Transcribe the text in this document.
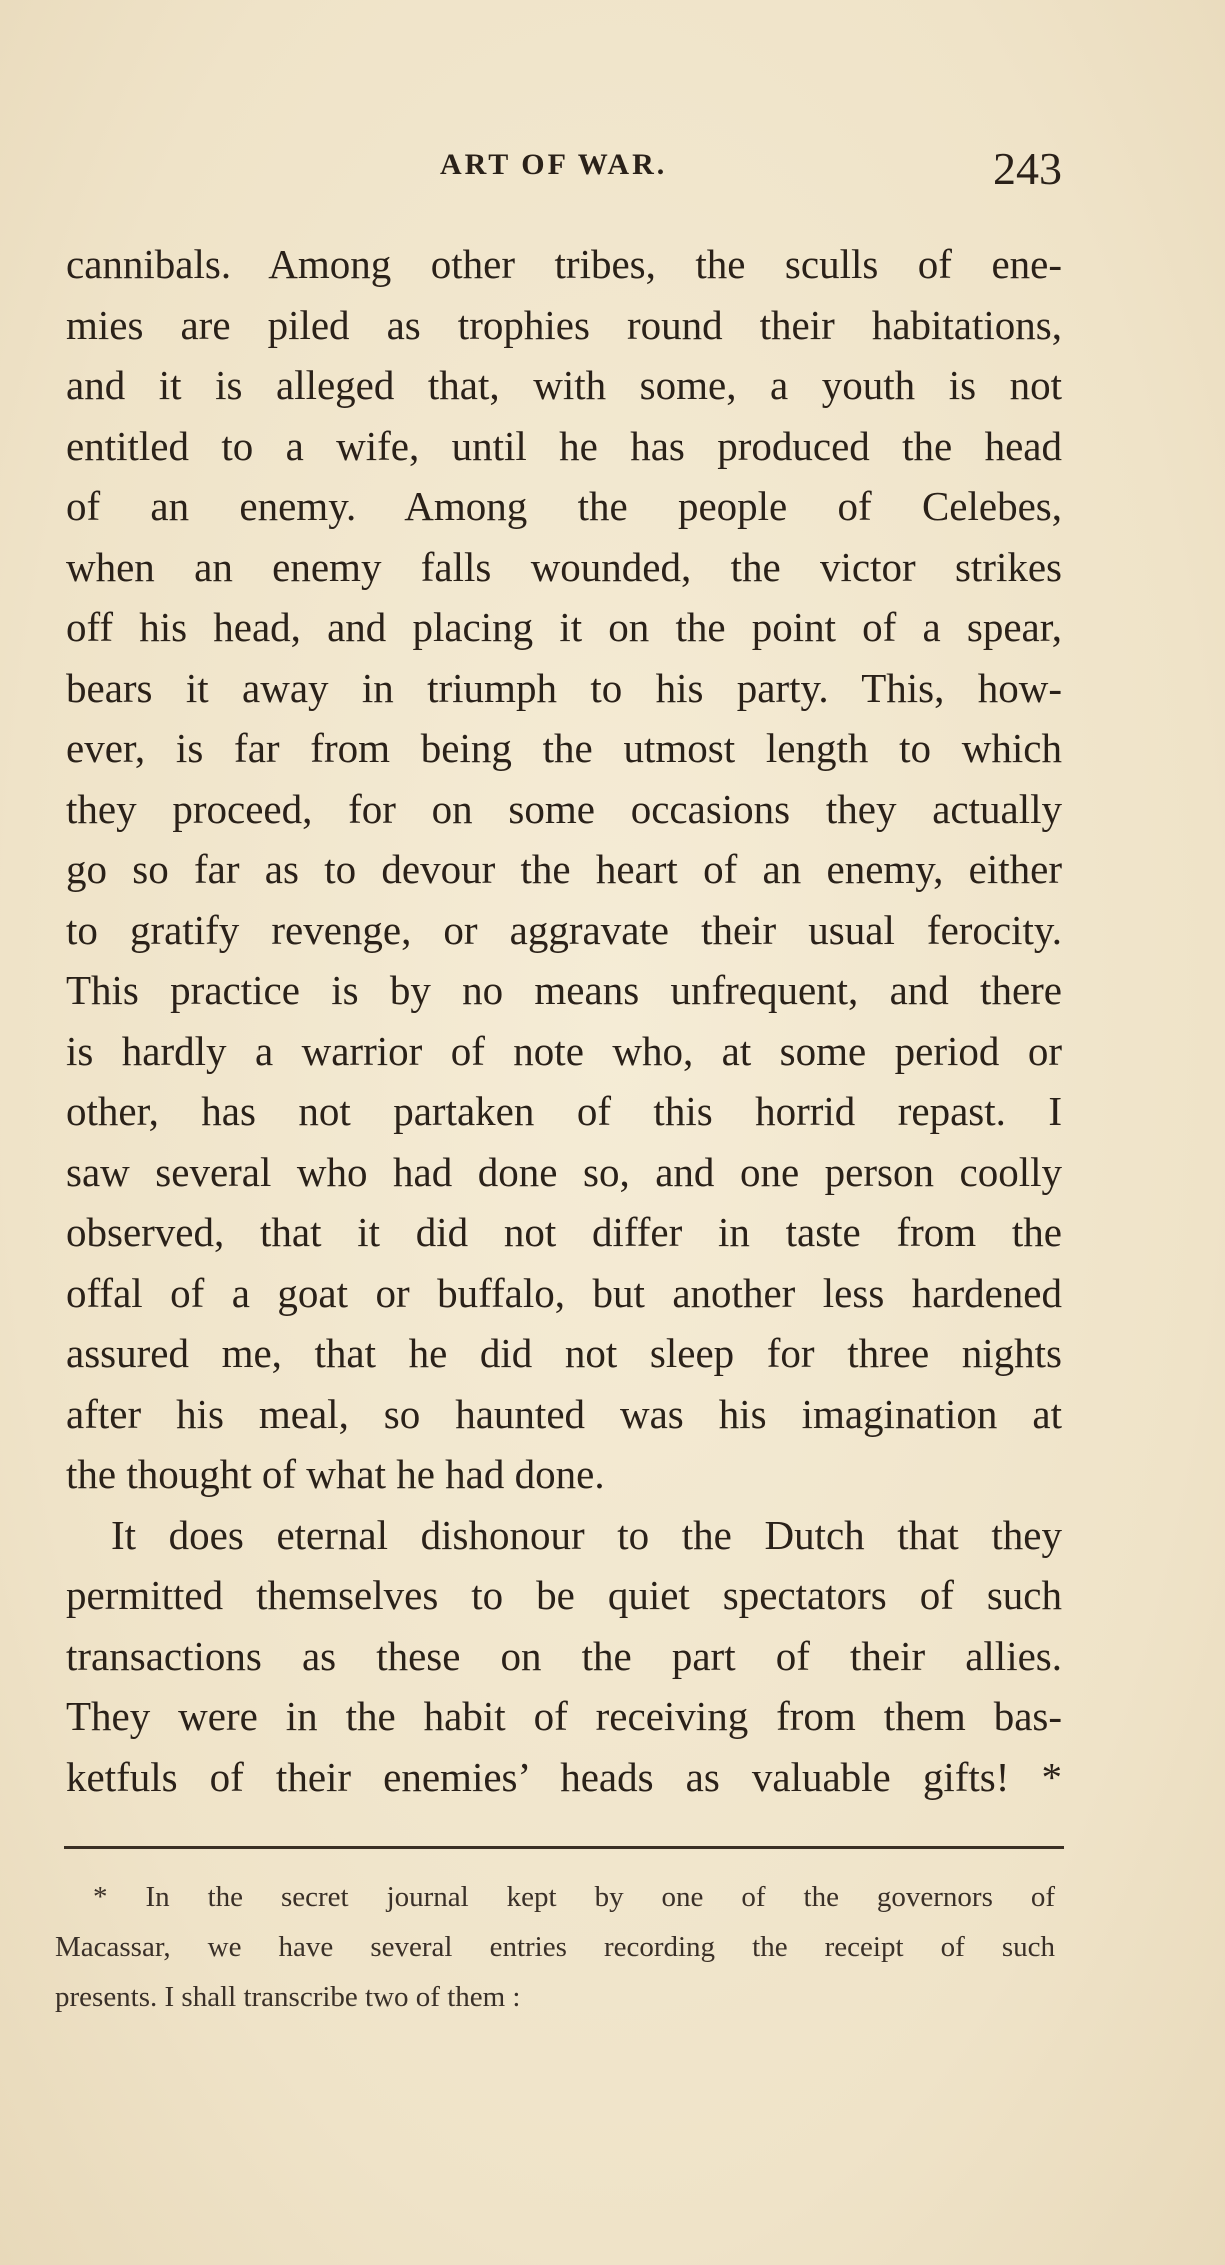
ART OF WAR.	243
cannibals. Among other tribes, the sculls of ene-
mies are piled as trophies round their habitations,
and it is alleged that, with some, a youth is not
entitled to a wife, until he has produced the head
of an enemy. Among the people of Celebes,
when an enemy falls wounded, the victor strikes
off his head, and placing it on the point of a spear,
bears it away in triumph to his party. This, how-
ever, is far from being the utmost length to which
they proceed, for on some occasions they actually
go so far as to devour the heart of an enemy, either
to gratify revenge, or aggravate their usual ferocity.
This practice is by no means unfrequent, and there
is hardly a warrior of note who, at some period or
other, has not partaken of this horrid repast. I
saw several who had done so, and one person coolly
observed, that it did not differ in taste from the
offal of a goat or buffalo, but another less hardened
assured me, that he did not sleep for three nights
after his meal, so haunted was his imagination at
the thought of what he had done.
It does eternal dishonour to the Dutch that they
permitted themselves to be quiet spectators of such
transactions as these on the part of their allies.
They were in the habit of receiving from them bas-
ketfuls of their enemies’ heads as valuable gifts! *
* In the secret journal kept by one of the governors of
Macassar, we have several entries recording the receipt of such
presents. I shall transcribe two of them :
